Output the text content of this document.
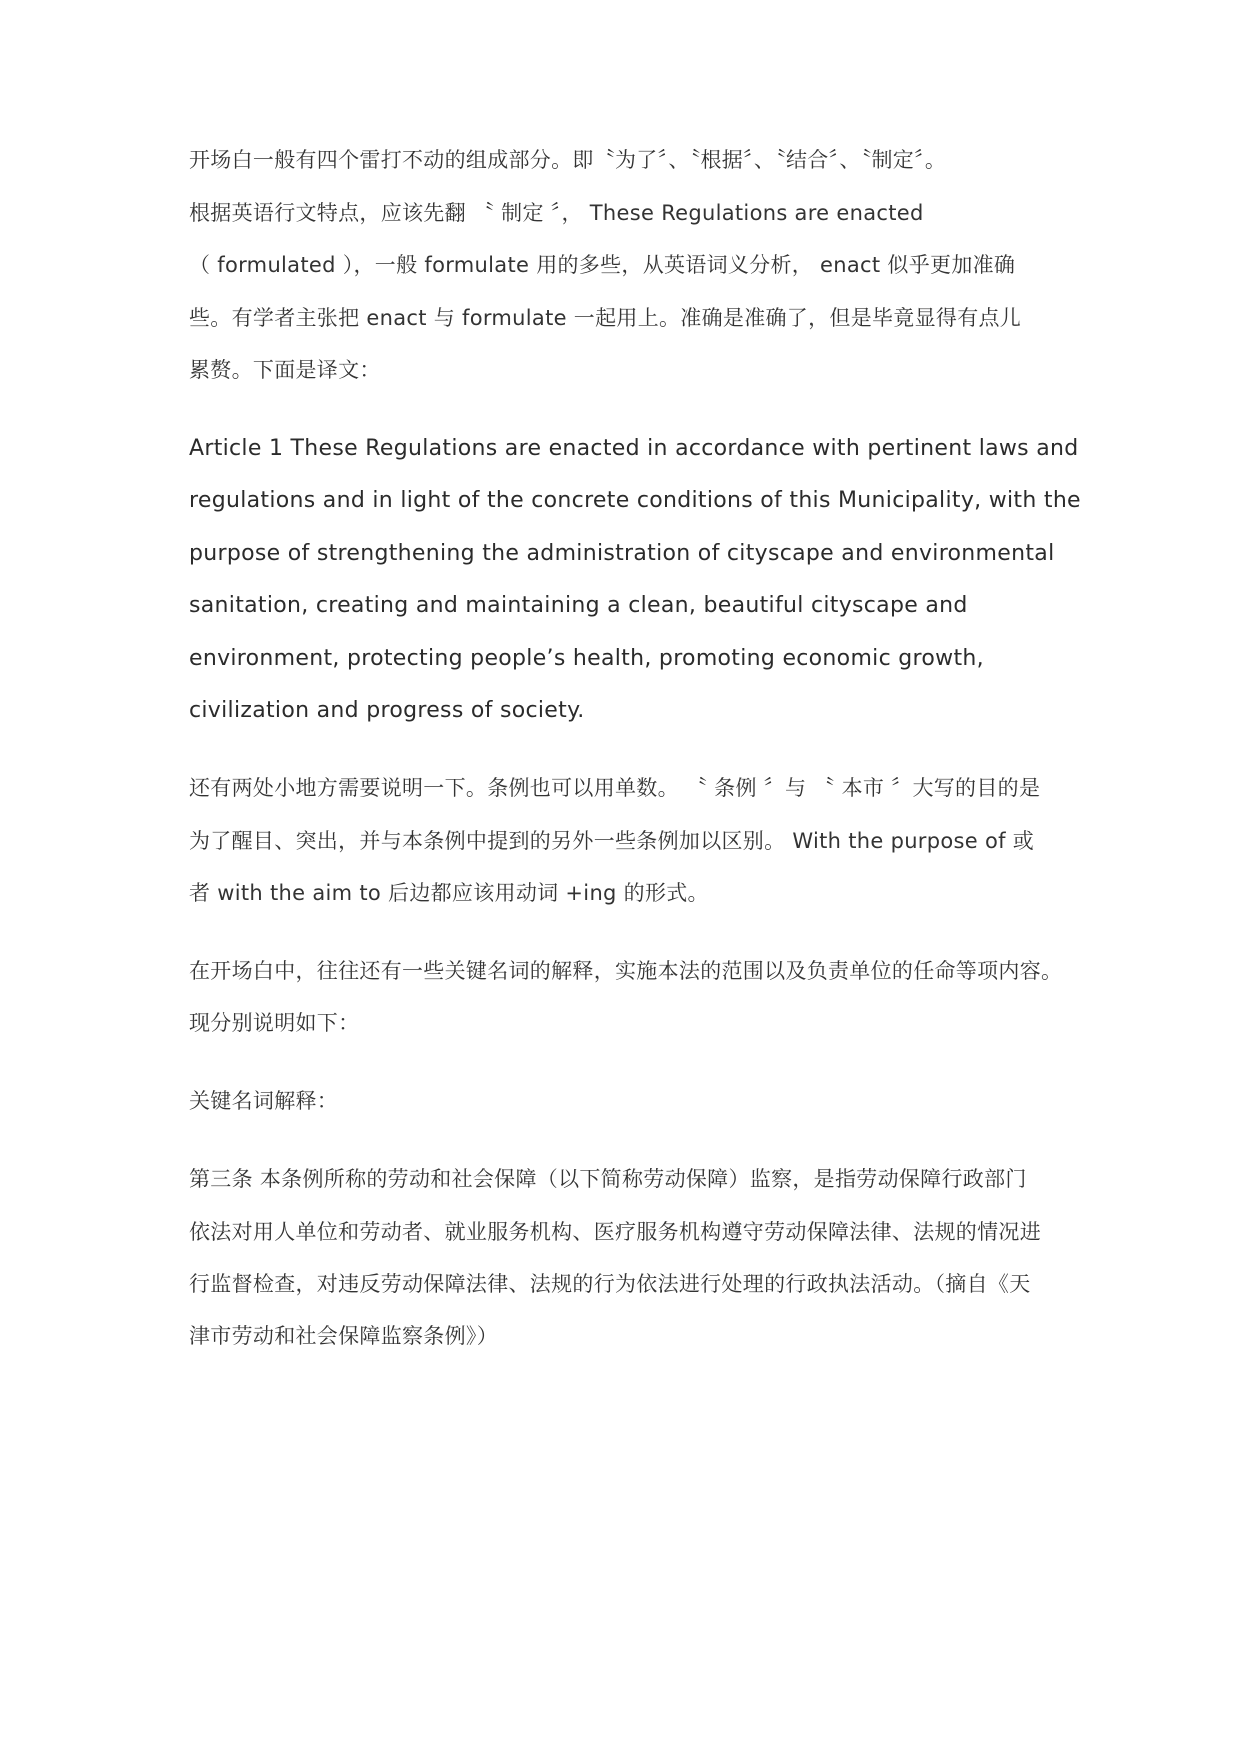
开场白一般有四个雷打不动的组成部分。即〝为了〞、〝根据〞、〝结合〞、〝制定〞。
根据英语行文特点，应该先翻 〝 制定 〞， These Regulations are enacted
（ formulated ），一般 formulate 用的多些，从英语词义分析， enact 似乎更加准确
些。有学者主张把 enact 与 formulate 一起用上。准确是准确了，但是毕竟显得有点儿
累赘。下面是译文：
Article 1 These Regulations are enacted in accordance with pertinent laws and
regulations and in light of the concrete conditions of this Municipality, with the
purpose of strengthening the administration of cityscape and environmental
sanitation, creating and maintaining a clean, beautiful cityscape and
environment, protecting people’s health, promoting economic growth,
civilization and progress of society.
还有两处小地方需要说明一下。条例也可以用单数。 〝 条例 〞与 〝 本市 〞大写的目的是
为了醒目、突出，并与本条例中提到的另外一些条例加以区别。 With the purpose of 或
者 with the aim to 后边都应该用动词 +ing 的形式。
在开场白中，往往还有一些关键名词的解释，实施本法的范围以及负责单位的任命等项内容。
现分别说明如下：
关键名词解释：
第三条 本条例所称的劳动和社会保障（以下简称劳动保障）监察，是指劳动保障行政部门
依法对用人单位和劳动者、就业服务机构、医疗服务机构遵守劳动保障法律、法规的情况进
行监督检查，对违反劳动保障法律、法规的行为依法进行处理的行政执法活动。（摘自《天
津市劳动和社会保障监察条例》）
